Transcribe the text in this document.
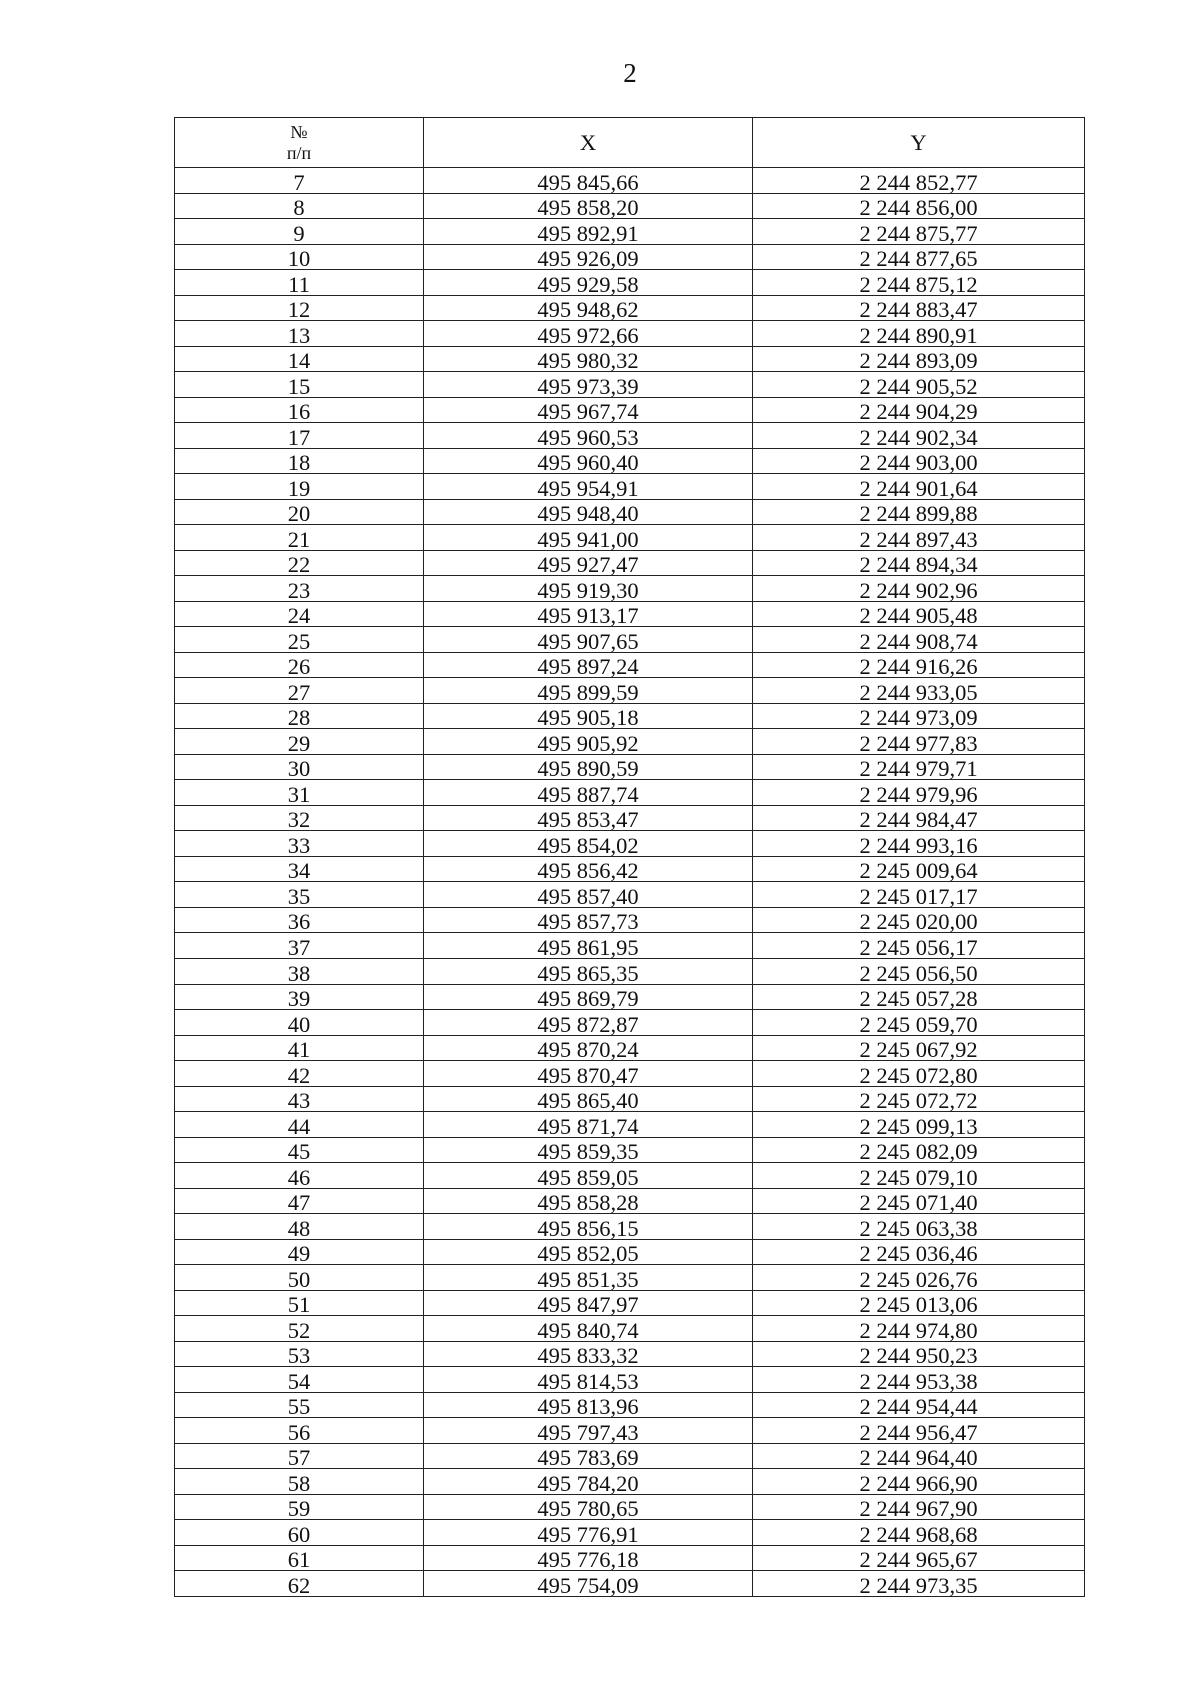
2
№
п/п	X	Y
7	495 845,66	2 244 852,77
8	495 858,20	2 244 856,00
9	495 892,91	2 244 875,77
10	495 926,09	2 244 877,65
11	495 929,58	2 244 875,12
12	495 948,62	2 244 883,47
13	495 972,66	2 244 890,91
14	495 980,32	2 244 893,09
15	495 973,39	2 244 905,52
16	495 967,74	2 244 904,29
17	495 960,53	2 244 902,34
18	495 960,40	2 244 903,00
19	495 954,91	2 244 901,64
20	495 948,40	2 244 899,88
21	495 941,00	2 244 897,43
22	495 927,47	2 244 894,34
23	495 919,30	2 244 902,96
24	495 913,17	2 244 905,48
25	495 907,65	2 244 908,74
26	495 897,24	2 244 916,26
27	495 899,59	2 244 933,05
28	495 905,18	2 244 973,09
29	495 905,92	2 244 977,83
30	495 890,59	2 244 979,71
31	495 887,74	2 244 979,96
32	495 853,47	2 244 984,47
33	495 854,02	2 244 993,16
34	495 856,42	2 245 009,64
35	495 857,40	2 245 017,17
36	495 857,73	2 245 020,00
37	495 861,95	2 245 056,17
38	495 865,35	2 245 056,50
39	495 869,79	2 245 057,28
40	495 872,87	2 245 059,70
41	495 870,24	2 245 067,92
42	495 870,47	2 245 072,80
43	495 865,40	2 245 072,72
44	495 871,74	2 245 099,13
45	495 859,35	2 245 082,09
46	495 859,05	2 245 079,10
47	495 858,28	2 245 071,40
48	495 856,15	2 245 063,38
49	495 852,05	2 245 036,46
50	495 851,35	2 245 026,76
51	495 847,97	2 245 013,06
52	495 840,74	2 244 974,80
53	495 833,32	2 244 950,23
54	495 814,53	2 244 953,38
55	495 813,96	2 244 954,44
56	495 797,43	2 244 956,47
57	495 783,69	2 244 964,40
58	495 784,20	2 244 966,90
59	495 780,65	2 244 967,90
60	495 776,91	2 244 968,68
61	495 776,18	2 244 965,67
62	495 754,09	2 244 973,35
